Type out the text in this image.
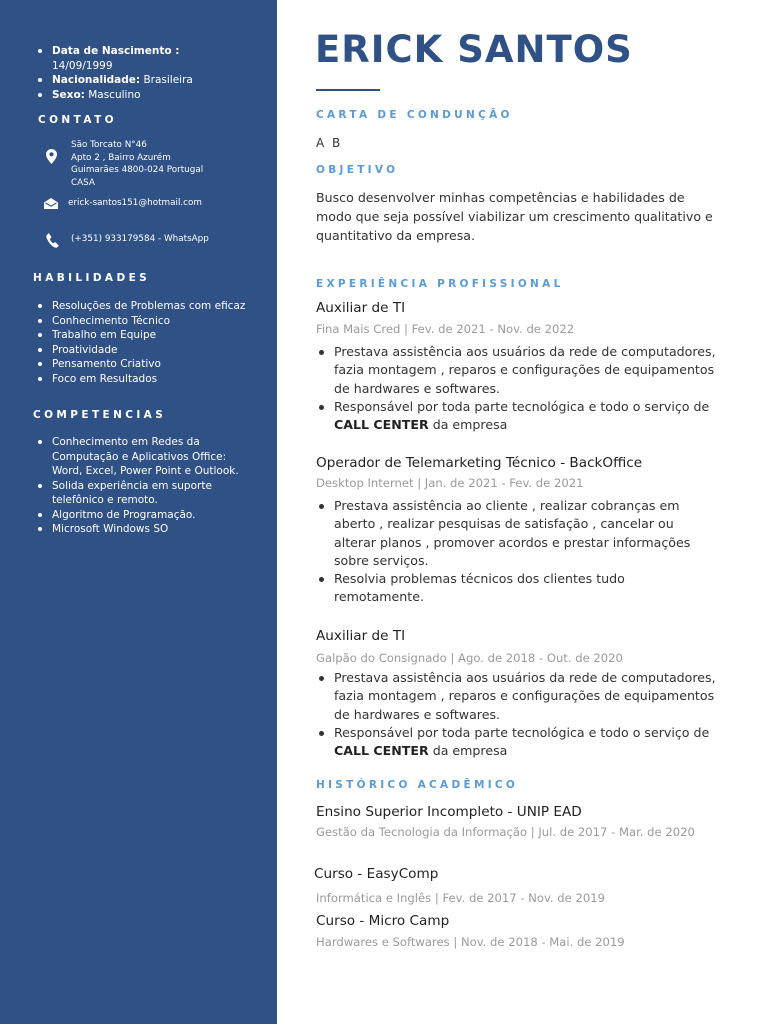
Data de Nascimento :
14/09/1999
Nacionalidade: Brasileira
Sexo: Masculino
CONTATO
São Torcato N°46
Apto 2 , Bairro Azurém
Guimarães 4800-024 Portugal
CASA
erick-santos151@hotmail.com
(+351) 933179584 - WhatsApp
HABILIDADES
Resoluções de Problemas com eficaz
Conhecimento Técnico
Trabalho em Equipe
Proatividade
Pensamento Criativo
Foco em Resultados
COMPETENCIAS
Conhecimento em Redes da Computação e Aplicativos Office: Word, Excel, Power Point e Outlook.
Solida experiência em suporte telefônico e remoto.
Algoritmo de Programação.
Microsoft Windows SO
ERICK SANTOS
CARTA DE CONDUNÇÃO
A B
OBJETIVO

Busco desenvolver minhas competências e habilidades de modo que seja possível viabilizar um crescimento qualitativo e quantitativo da empresa.

EXPERIÊNCIA PROFISSIONAL
Auxiliar de TI
Fina Mais Cred | Fev. de 2021 - Nov. de 2022
Prestava assistência aos usuários da rede de computadores, fazia montagem , reparos e configurações de equipamentos de hardwares e softwares.
Responsável por toda parte tecnológica e todo o serviço de CALL CENTER da empresa
Operador de Telemarketing Técnico - BackOffice
Desktop Internet | Jan. de 2021 - Fev. de 2021
Prestava assistência ao cliente , realizar cobranças em aberto , realizar pesquisas de satisfação , cancelar ou alterar planos , promover acordos e prestar informações sobre serviços.
Resolvia problemas técnicos dos clientes tudo remotamente.
Auxiliar de TI
Galpão do Consignado | Ago. de 2018 - Out. de 2020
Prestava assistência aos usuários da rede de computadores, fazia montagem , reparos e configurações de equipamentos de hardwares e softwares.
Responsável por toda parte tecnológica e todo o serviço de CALL CENTER da empresa
HISTÓRICO ACADÊMICO
Ensino Superior Incompleto - UNIP EAD
Gestão da Tecnologia da Informação | Jul. de 2017 - Mar. de 2020
Curso - EasyComp
Informática e Inglês | Fev. de 2017 - Nov. de 2019
Curso - Micro Camp
Hardwares e Softwares | Nov. de 2018 - Mai. de 2019
